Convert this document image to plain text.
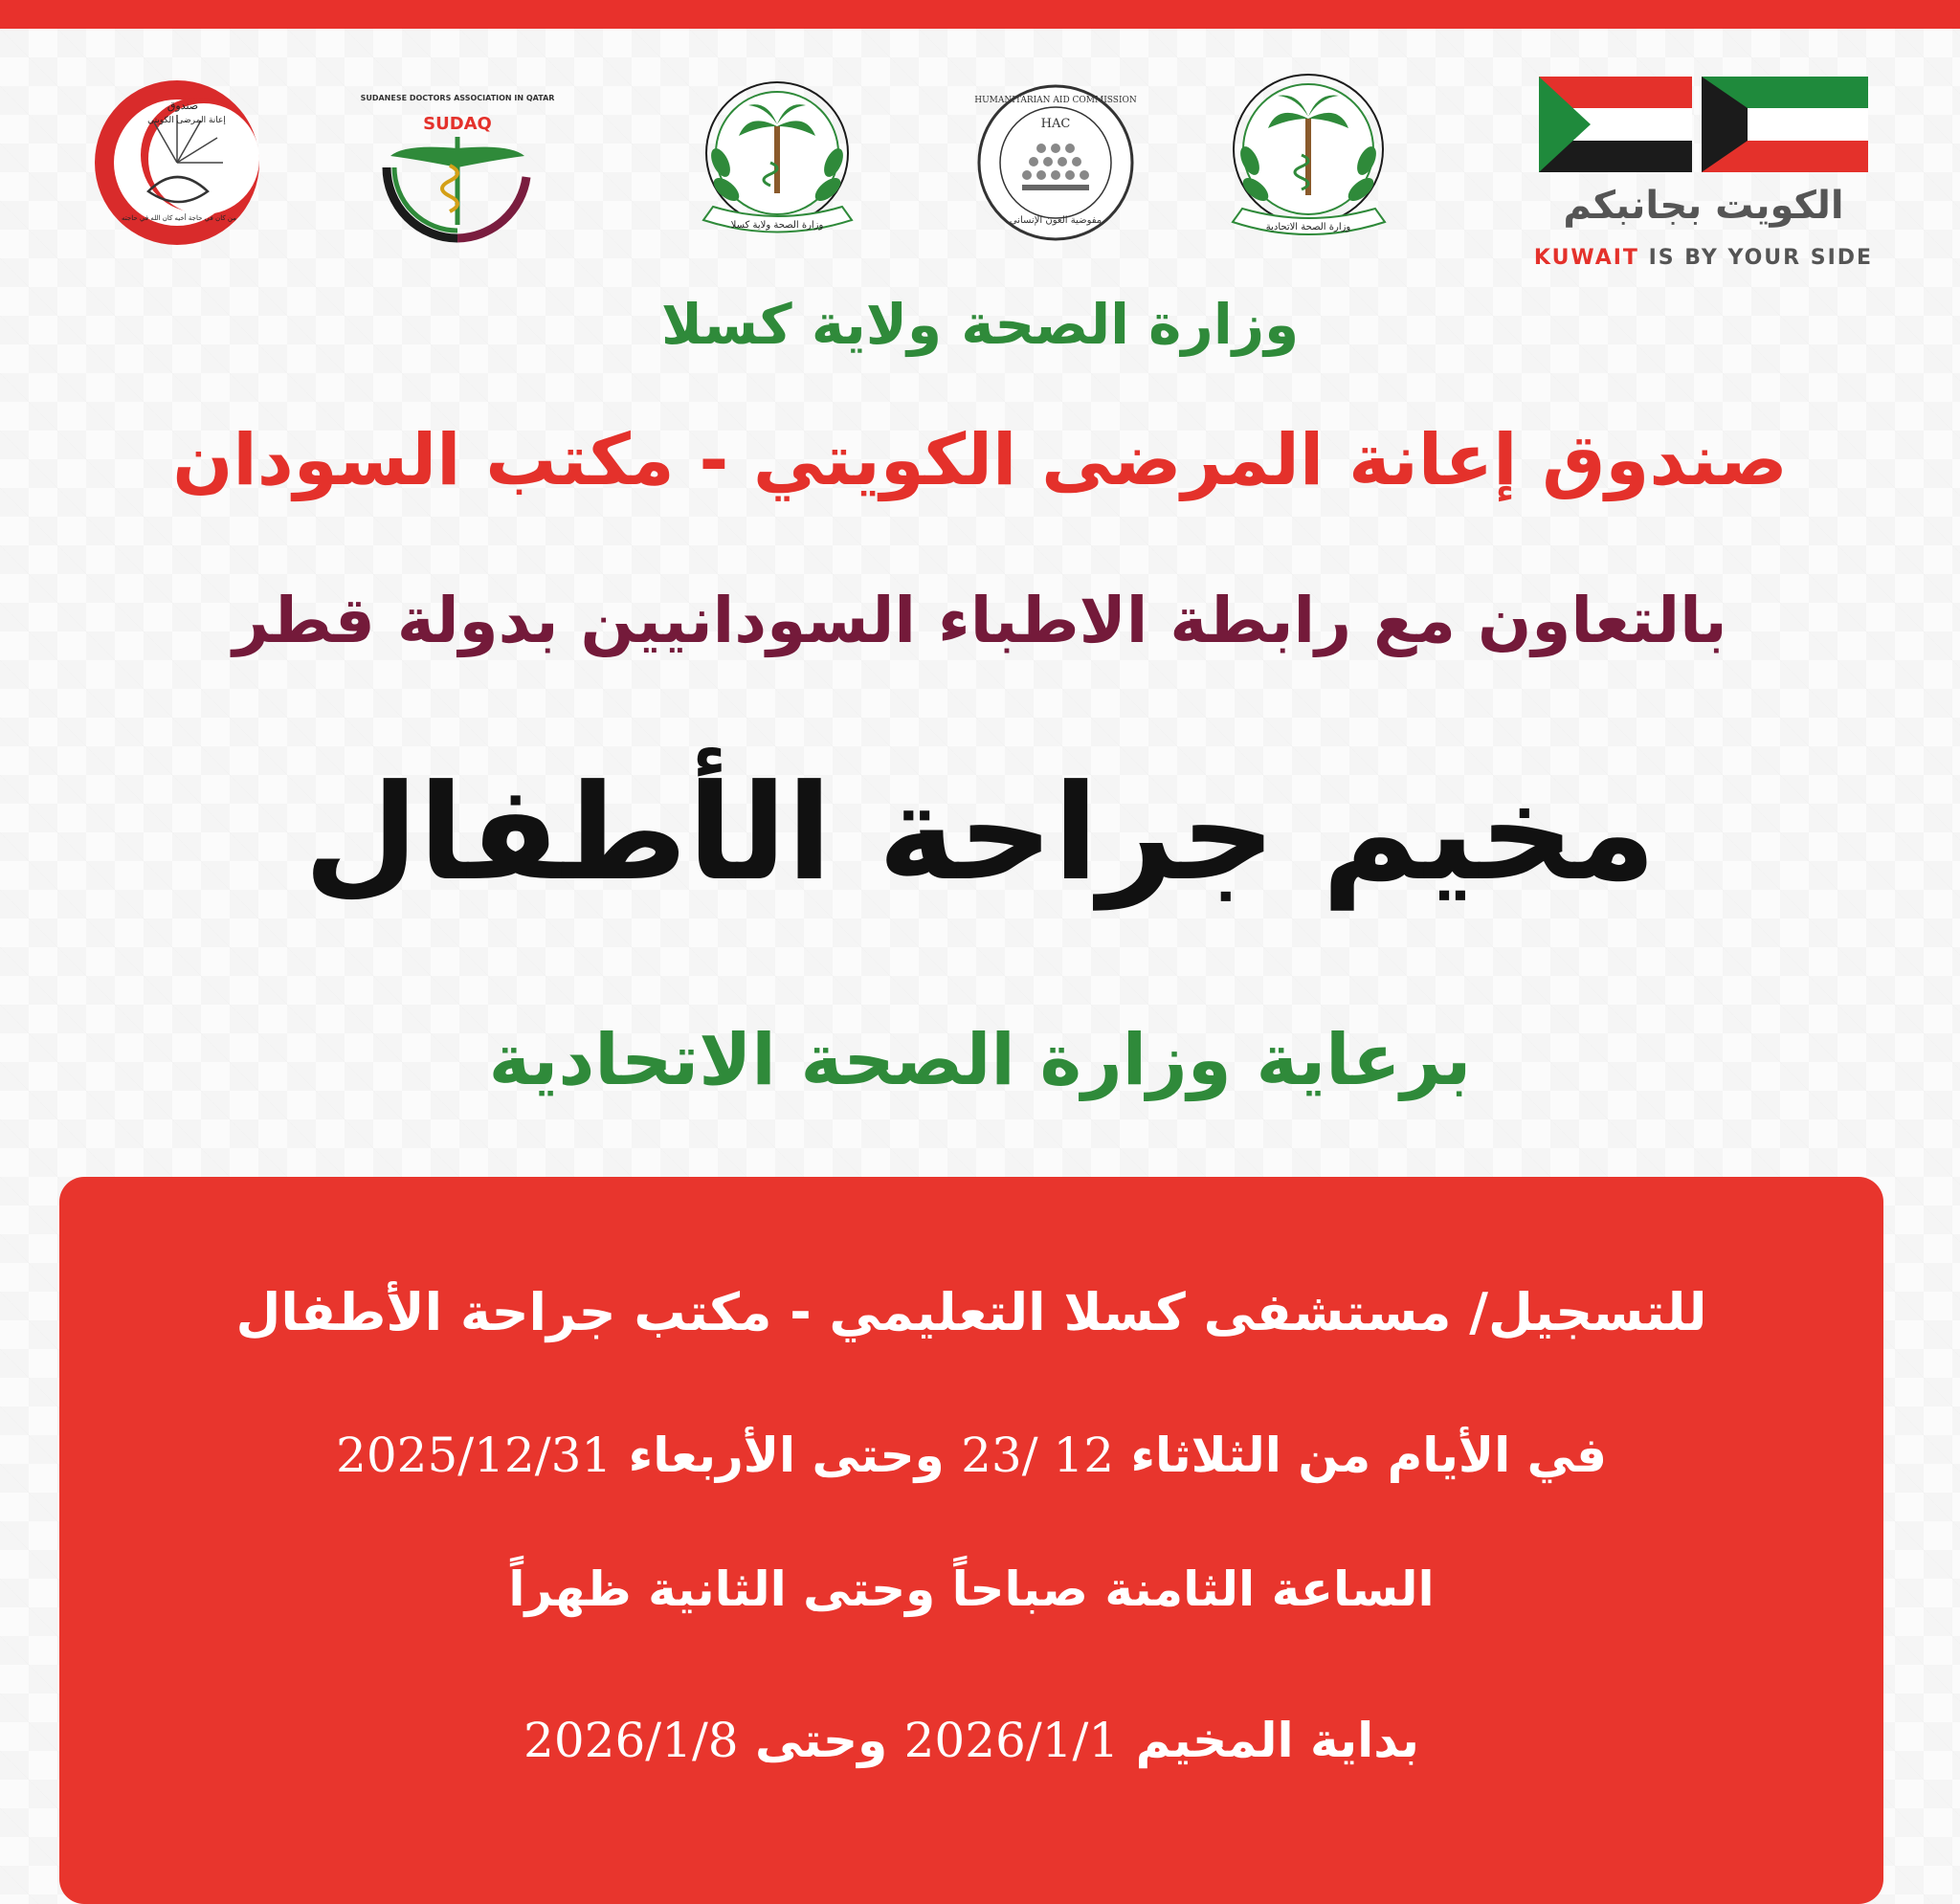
صندوق
إعانة المرضى الكويتي
من كان في حاجة أخيه كان الله في حاجته
SUDANESE DOCTORS ASSOCIATION IN QATAR
SUDAQ
وزارة الصحة ولاية كسلا
HUMANITARIAN AID COMMISSION
HAC
مفوضية العون الإنساني
وزارة الصحة الاتحادية	الكويت بجانبكم
KUWAIT IS BY YOUR SIDE
وزارة الصحة ولاية كسلا
صندوق إعانة المرضى الكويتي - مكتب السودان
بالتعاون مع رابطة الاطباء السودانيين بدولة قطر
مخيم جراحة الأطفال
برعاية وزارة الصحة الاتحادية

للتسجيل/ مستشفى كسلا التعليمي - مكتب جراحة الأطفال

في الأيام من الثلاثاء 23/ 12 وحتى الأربعاء 2025/12/31

الساعة الثامنة صباحاً وحتى الثانية ظهراً

بداية المخيم 2026/1/1 وحتى 2026/1/8
